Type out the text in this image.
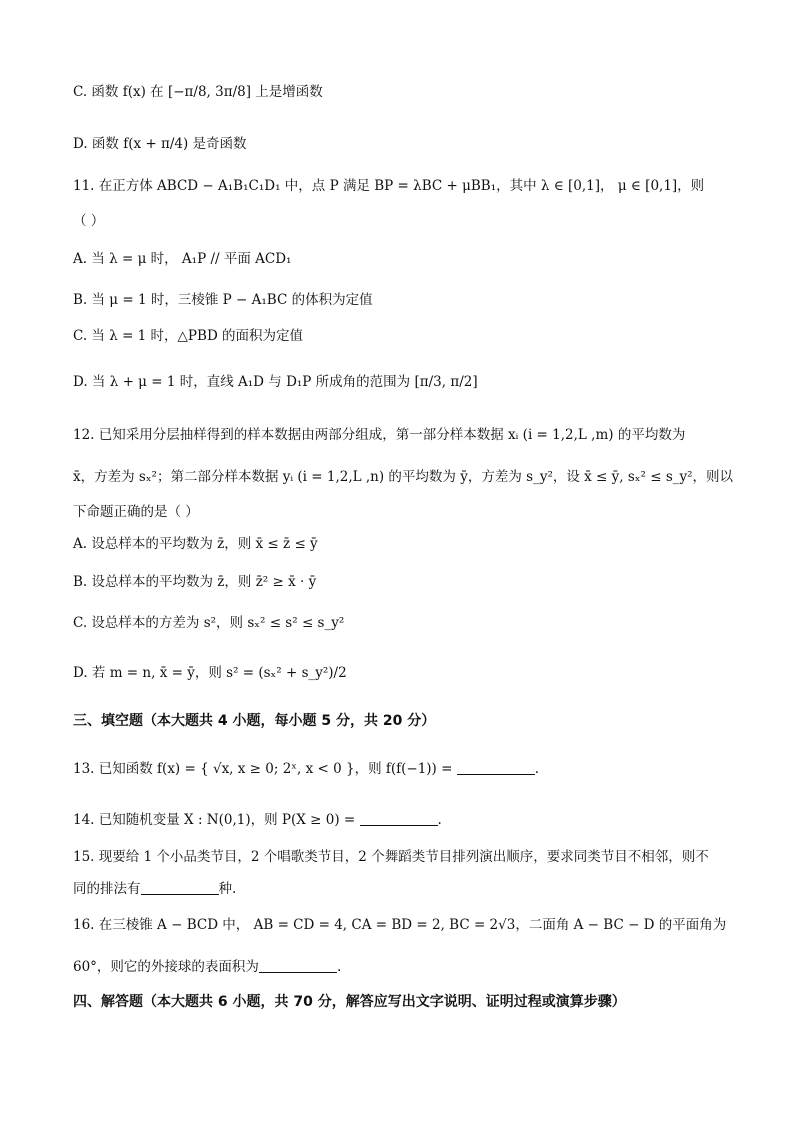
C. 函数 f(x) 在 [−π/8, 3π/8] 上是增函数
D. 函数 f(x + π/4) 是奇函数
11. 在正方体 ABCD − A₁B₁C₁D₁ 中，点 P 满足 BP = λBC + μBB₁，其中 λ ∈ [0,1]， μ ∈ [0,1]，则
（ ）
A. 当 λ = μ 时， A₁P // 平面 ACD₁
B. 当 μ = 1 时，三棱锥 P − A₁BC 的体积为定值
C. 当 λ = 1 时，△PBD 的面积为定值
D. 当 λ + μ = 1 时，直线 A₁D 与 D₁P 所成角的范围为 [π/3, π/2]
12. 已知采用分层抽样得到的样本数据由两部分组成，第一部分样本数据 xᵢ (i = 1,2,L ,m) 的平均数为
x̄，方差为 sₓ²；第二部分样本数据 yᵢ (i = 1,2,L ,n) 的平均数为 ȳ，方差为 s_y²，设 x̄ ≤ ȳ, sₓ² ≤ s_y²，则以
下命题正确的是（ ）
A. 设总样本的平均数为 z̄，则 x̄ ≤ z̄ ≤ ȳ
B. 设总样本的平均数为 z̄，则 z̄² ≥ x̄ · ȳ
C. 设总样本的方差为 s²，则 sₓ² ≤ s² ≤ s_y²
D. 若 m = n, x̄ = ȳ，则 s² = (sₓ² + s_y²)/2
三、填空题（本大题共 4 小题，每小题 5 分，共 20 分）
13. 已知函数 f(x) = { √x, x ≥ 0; 2ˣ, x < 0 }，则 f(f(−1)) =	.
14. 已知随机变量 X : N(0,1)，则 P(X ≥ 0) =	.
15. 现要给 1 个小品类节目，2 个唱歌类节目，2 个舞蹈类节目排列演出顺序，要求同类节目不相邻，则不
同的排法有	种.
16. 在三棱锥 A − BCD 中， AB = CD = 4, CA = BD = 2, BC = 2√3，二面角 A − BC − D 的平面角为
60°，则它的外接球的表面积为	.
四、解答题（本大题共 6 小题，共 70 分，解答应写出文字说明、证明过程或演算步骤）
